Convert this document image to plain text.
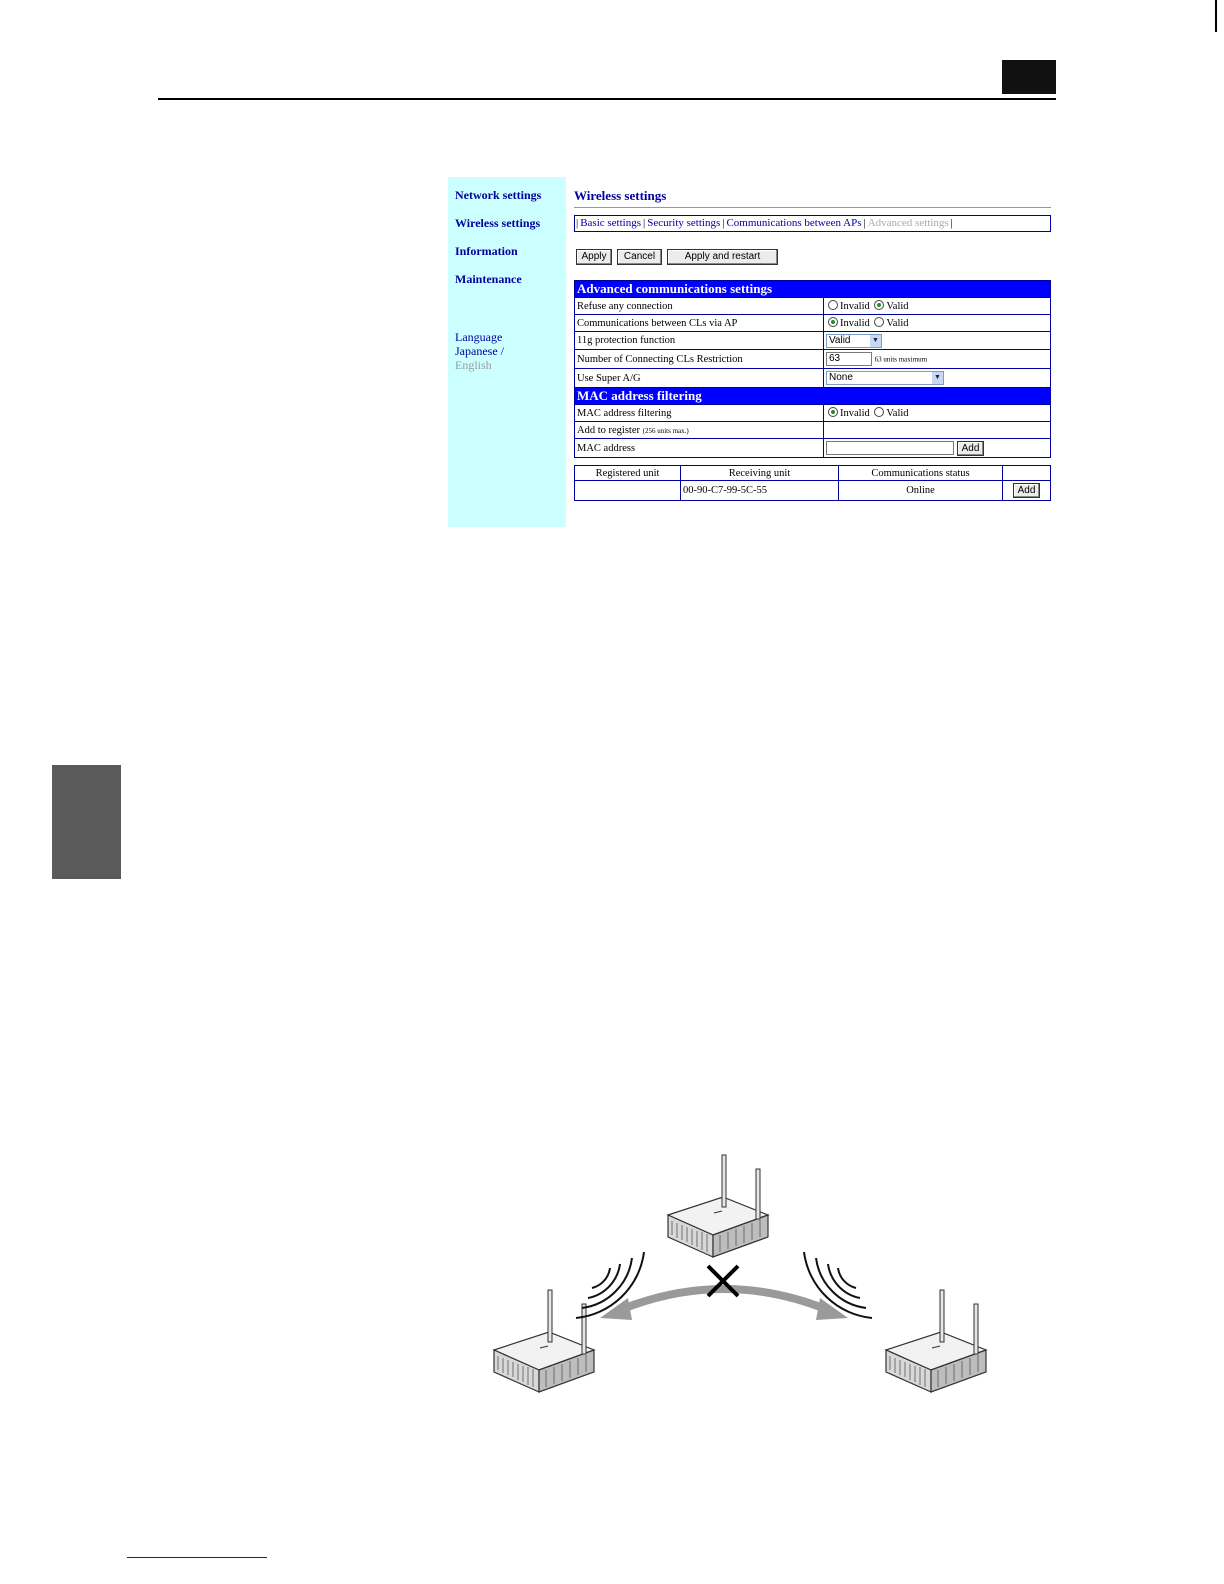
Network settings
Wireless settings
Information
Maintenance
Language
Japanese /
English
Wireless settings
| Basic settings | Security settings | Communications between APs | Advanced settings |
Apply	Cancel	Apply and restart
Advanced communications settings	
Refuse any connection	Invalid Valid
Communications between CLs via AP	Invalid Valid
11g protection function	Valid ▼

Number of Connecting CLs Restriction	63 63 units maximum
Use Super A/G	None ▼

MAC address filtering	
MAC address filtering	Invalid Valid
Add to register (256 units max.)	
MAC address	Add
Registered unit	Receiving unit	Communications status	
	00-90-C7-99-5C-55	Online	Add
